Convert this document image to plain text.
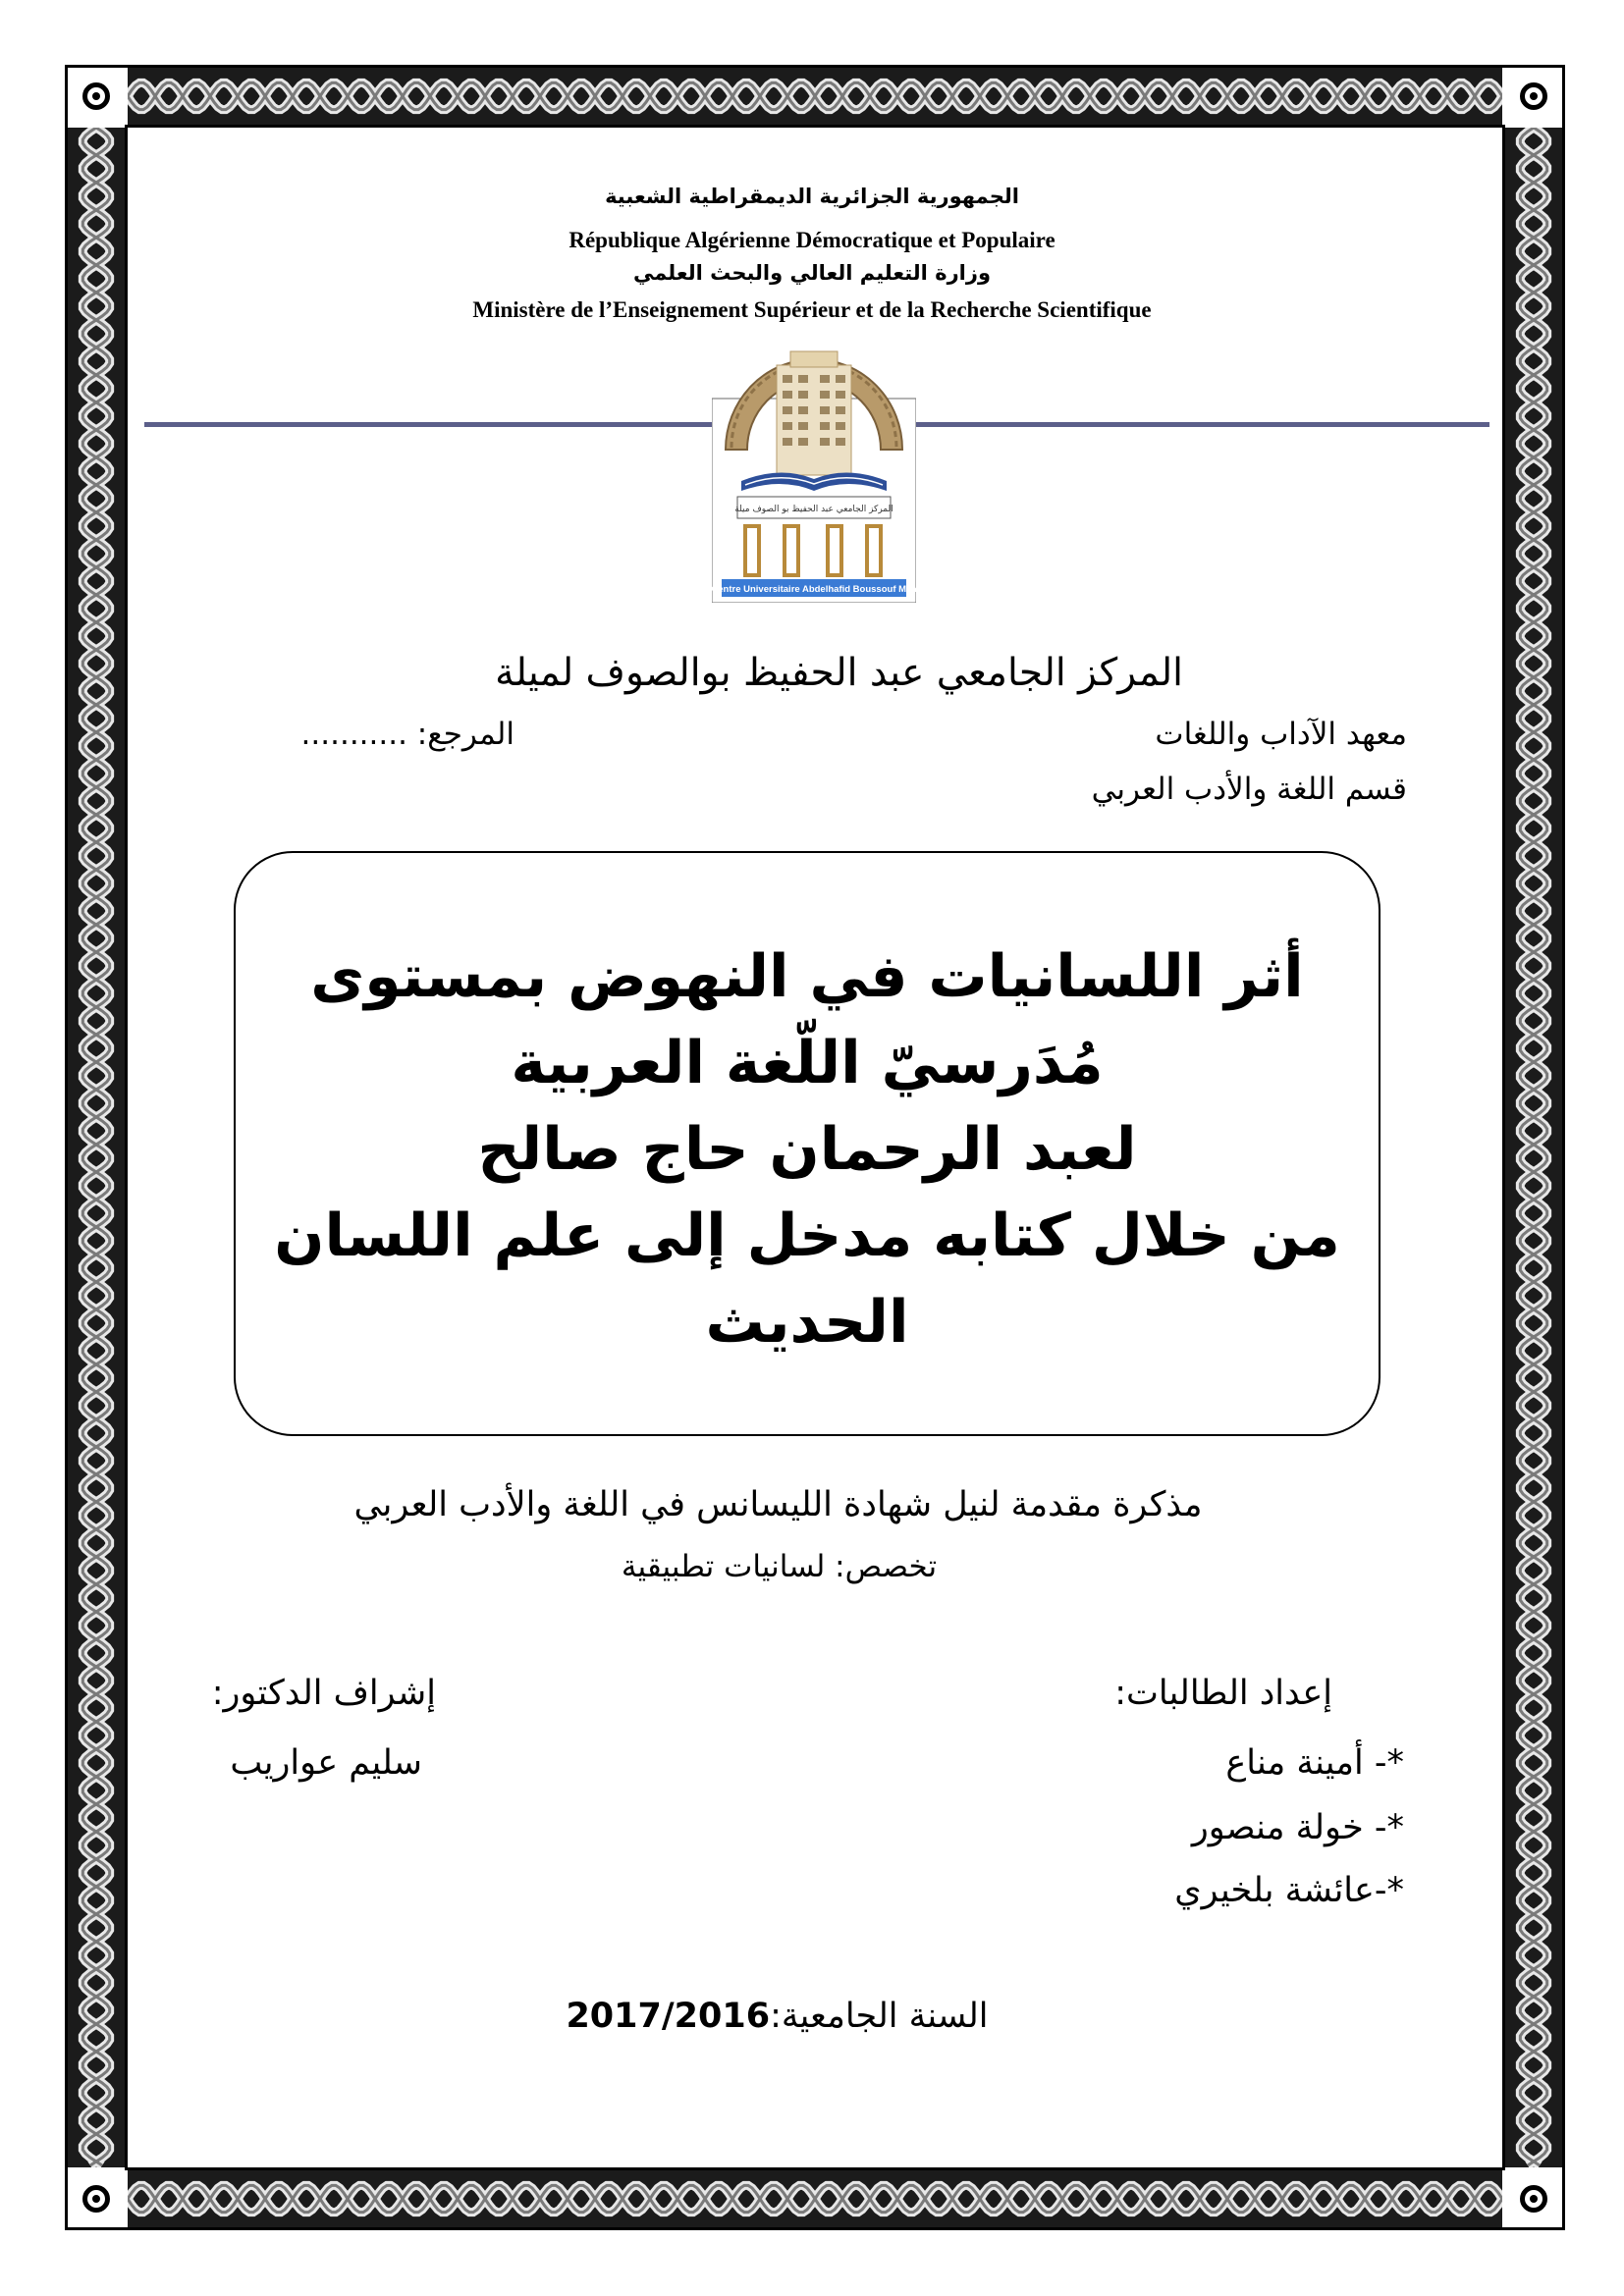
الجمهورية الجزائرية الديمقراطية الشعبية
République Algérienne Démocratique et Populaire
وزارة التعليم العالي والبحث العلمي
Ministère de l’Enseignement Supérieur et de la Recherche Scientifique
المركز الجامعي عبد الحفيظ بو الصوف ميلة
Centre Universitaire Abdelhafid Boussouf Mila
المركز الجامعي عبد الحفيظ بوالصوف لميلة
معهد الآداب واللغات
المرجع: ...........
قسم اللغة والأدب العربي
أثر اللسانيات في النهوض بمستوى
مُدَرسيّ اللّغة العربية
لعبد الرحمان حاج صالح
من خلال كتابه مدخل إلى علم اللسان
الحديث
مذكرة مقدمة لنيل شهادة الليسانس في اللغة والأدب العربي
تخصص: لسانيات تطبيقية
إعداد الطالبات:
*- أمينة مناع
*- خولة منصور
*-عائشة بلخيري
إشراف الدكتور:
سليم عواريب
السنة الجامعية:2017/2016
